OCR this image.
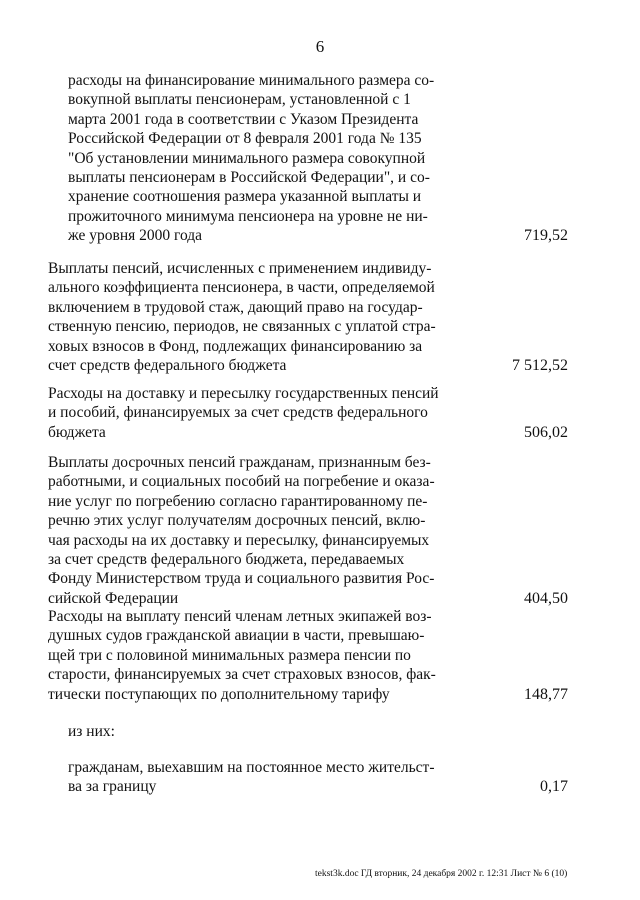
6
расходы на финансирование минимального размера со-
вокупной выплаты пенсионерам, установленной с 1
марта 2001 года в соответствии с Указом Президента
Российской Федерации от 8 февраля 2001 года № 135
"Об установлении минимального размера совокупной
выплаты пенсионерам в Российской Федерации", и со-
хранение соотношения размера указанной выплаты и
прожиточного минимума пенсионера на уровне не ни-
же уровня 2000 года	719,52
Выплаты пенсий, исчисленных с применением индивиду-
ального коэффициента пенсионера, в части, определяемой
включением в трудовой стаж, дающий право на государ-
ственную пенсию, периодов, не связанных с уплатой стра-
ховых взносов в Фонд, подлежащих финансированию за
счет средств федерального бюджета	7 512,52
Расходы на доставку и пересылку государственных пенсий
и пособий, финансируемых за счет средств федерального
бюджета	506,02
Выплаты досрочных пенсий гражданам, признанным без-
работными, и социальных пособий на погребение и оказа-
ние услуг по погребению согласно гарантированному пе-
речню этих услуг получателям досрочных пенсий, вклю-
чая расходы на их доставку и пересылку, финансируемых
за счет средств федерального бюджета, передаваемых
Фонду Министерством труда и социального развития Рос-
сийской Федерации	404,50
Расходы на выплату пенсий членам летных экипажей воз-
душных судов гражданской авиации в части, превышаю-
щей три с половиной минимальных размера пенсии по
старости, финансируемых за счет страховых взносов, фак-
тически поступающих по дополнительному тарифу	148,77
из них:
гражданам, выехавшим на постоянное место жительст-
ва за границу	0,17
tekst3k.doc ГД вторник, 24 декабря 2002 г. 12:31 Лист № 6 (10)
